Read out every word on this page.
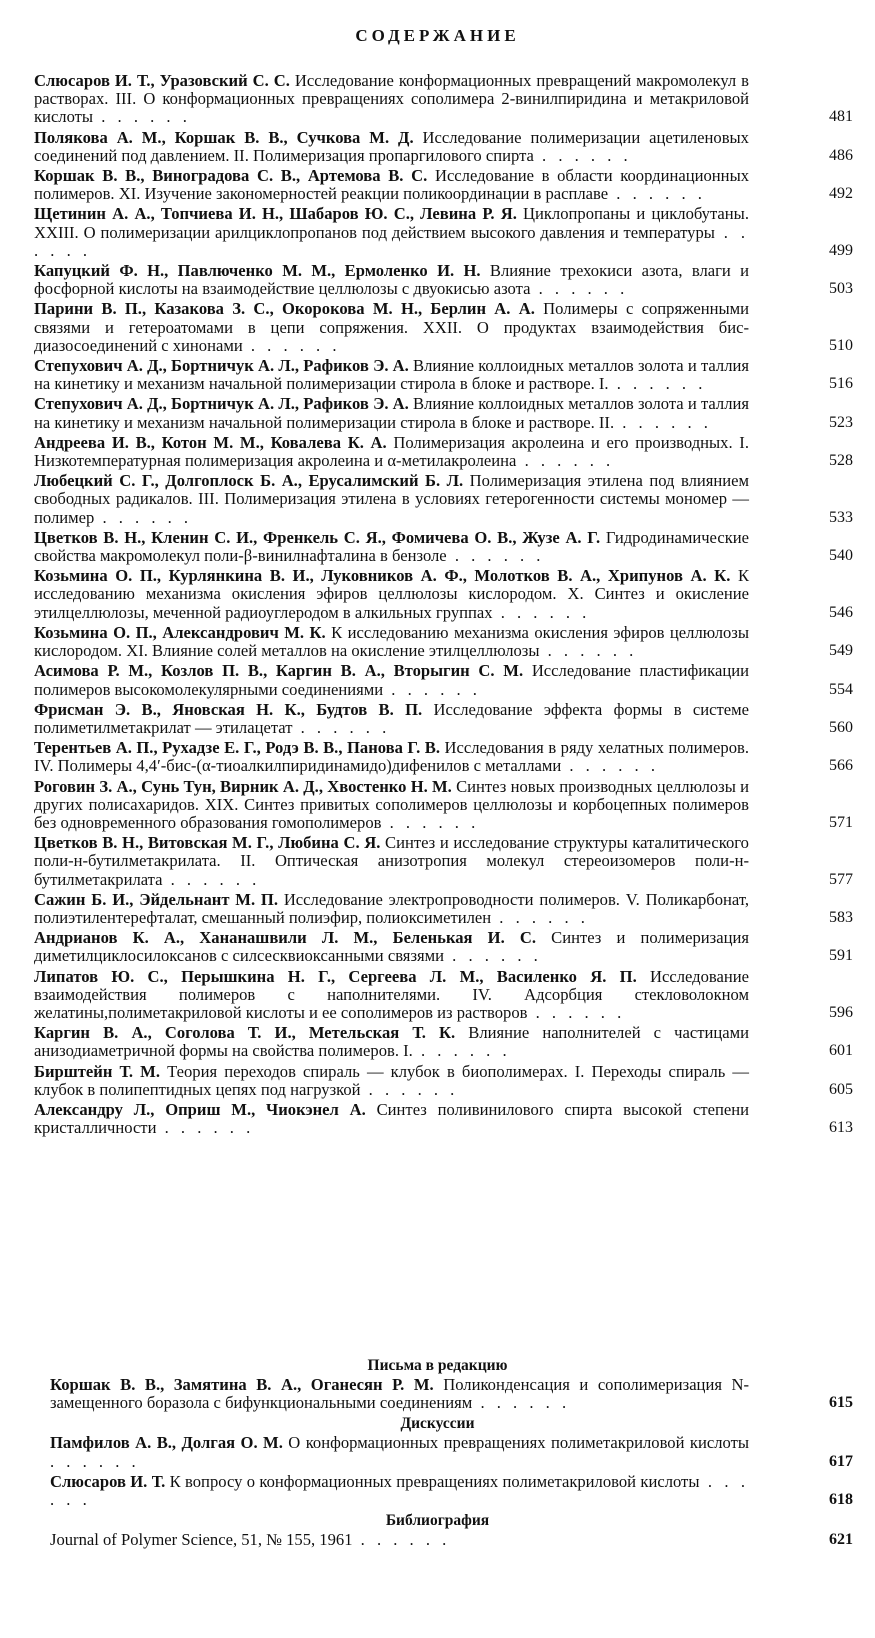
СОДЕРЖАНИЕ
Слюсаров И. Т., Уразовский С. С. Исследование конформационных превращений макромолекул в растворах. III. О конформационных превращениях сополимера 2-винилпиридина и метакриловой кислоты . . . . . .	481
Полякова А. М., Коршак В. В., Сучкова М. Д. Исследование полимеризации ацетиленовых соединений под давлением. II. Полимеризация пропаргилового спирта . . . . . .	486
Коршак В. В., Виноградова С. В., Артемова В. С. Исследование в области координационных полимеров. XI. Изучение закономерностей реакции поликоординации в расплаве . . . . . .	492
Щетинин А. А., Топчиева И. Н., Шабаров Ю. С., Левина Р. Я. Циклопропаны и циклобутаны. XXIII. О полимеризации арилциклопропанов под действием высокого давления и температуры . . . . . .	499
Капуцкий Ф. Н., Павлюченко М. М., Ермоленко И. Н. Влияние трехокиси азота, влаги и фосфорной кислоты на взаимодействие целлюлозы с двуокисью азота . . . . . .	503
Парини В. П., Казакова З. С., Окорокова М. Н., Берлин А. А. Полимеры с сопряженными связями и гетероатомами в цепи сопряжения. XXII. О продуктах взаимодействия бис-диазосоединений с хинонами . . . . . .	510
Степухович А. Д., Бортничук А. Л., Рафиков Э. А. Влияние коллоидных металлов золота и таллия на кинетику и механизм начальной полимеризации стирола в блоке и растворе. I. . . . . . .	516
Степухович А. Д., Бортничук А. Л., Рафиков Э. А. Влияние коллоидных металлов золота и таллия на кинетику и механизм начальной полимеризации стирола в блоке и растворе. II. . . . . . .	523
Андреева И. В., Котон М. М., Ковалева К. А. Полимеризация акролеина и его производных. I. Низкотемпературная полимеризация акролеина и α-метилакролеина . . . . . .	528
Любецкий С. Г., Долгоплоск Б. А., Ерусалимский Б. Л. Полимеризация этилена под влиянием свободных радикалов. III. Полимеризация этилена в условиях гетерогенности системы мономер — полимер . . . . . .	533
Цветков В. Н., Кленин С. И., Френкель С. Я., Фомичева О. В., Жузе А. Г. Гидродинамические свойства макромолекул поли-β-винилнафталина в бензоле . . . . . .	540
Козьмина О. П., Курлянкина В. И., Луковников А. Ф., Молотков В. А., Хрипунов А. К. К исследованию механизма окисления эфиров целлюлозы кислородом. X. Синтез и окисление этилцеллюлозы, меченной радиоуглеродом в алкильных группах . . . . . .	546
Козьмина О. П., Александрович М. К. К исследованию механизма окисления эфиров целлюлозы кислородом. XI. Влияние солей металлов на окисление этилцеллюлозы . . . . . .	549
Асимова Р. М., Козлов П. В., Каргин В. А., Вторыгин С. М. Исследование пластификации полимеров высокомолекулярными соединениями . . . . . .	554
Фрисман Э. В., Яновская Н. К., Будтов В. П. Исследование эффекта формы в системе полиметилметакрилат — этилацетат . . . . . .	560
Терентьев А. П., Рухадзе Е. Г., Родэ В. В., Панова Г. В. Исследования в ряду хелатных полимеров. IV. Полимеры 4,4′-бис-(α-тиоалкилпиридинамидо)дифенилов с металлами . . . . . .	566
Роговин З. А., Сунь Тун, Вирник А. Д., Хвостенко Н. М. Синтез новых производных целлюлозы и других полисахаридов. XIX. Синтез привитых сополимеров целлюлозы и корбоцепных полимеров без одновременного образования гомополимеров . . . . . .	571
Цветков В. Н., Витовская М. Г., Любина С. Я. Синтез и исследование структуры каталитического поли-н-бутилметакрилата. II. Оптическая анизотропия молекул стереоизомеров поли-н-бутилметакрилата . . . . . .	577
Сажин Б. И., Эйдельнант М. П. Исследование электропроводности полимеров. V. Поликарбонат, полиэтилентерефталат, смешанный полиэфир, полиоксиметилен . . . . . .	583
Андрианов К. А., Хананашвили Л. М., Беленькая И. С. Синтез и полимеризация диметилциклосилоксанов с силсесквиоксанными связями . . . . . .	591
Липатов Ю. С., Перышкина Н. Г., Сергеева Л. М., Василенко Я. П. Исследование взаимодействия полимеров с наполнителями. IV. Адсорбция стекловолокном желатины,полиметакриловой кислоты и ее сополимеров из растворов . . . . . .	596
Каргин В. А., Соголова Т. И., Метельская Т. К. Влияние наполнителей с частицами анизодиаметричной формы на свойства полимеров. I. . . . . . .	601
Бирштейн Т. М. Теория переходов спираль — клубок в биополимерах. I. Переходы спираль — клубок в полипептидных цепях под нагрузкой . . . . . .	605
Александру Л., Оприш М., Чиокэнел А. Синтез поливинилового спирта высокой степени кристалличности . . . . . .	613
Письма в редакцию
Коршак В. В., Замятина В. А., Оганесян Р. М. Поликонденсация и сополимеризация N-замещенного боразола с бифункциональными соединениям . . . . . .	615
Дискуссии
Памфилов А. В., Долгая О. М. О конформационных превращениях полиметакриловой кислоты . . . . . .	617
Слюсаров И. Т. К вопросу о конформационных превращениях полиметакриловой кислоты . . . . . .	618
Библиография
Journal of Polymer Science, 51, № 155, 1961 . . . . . .	621
